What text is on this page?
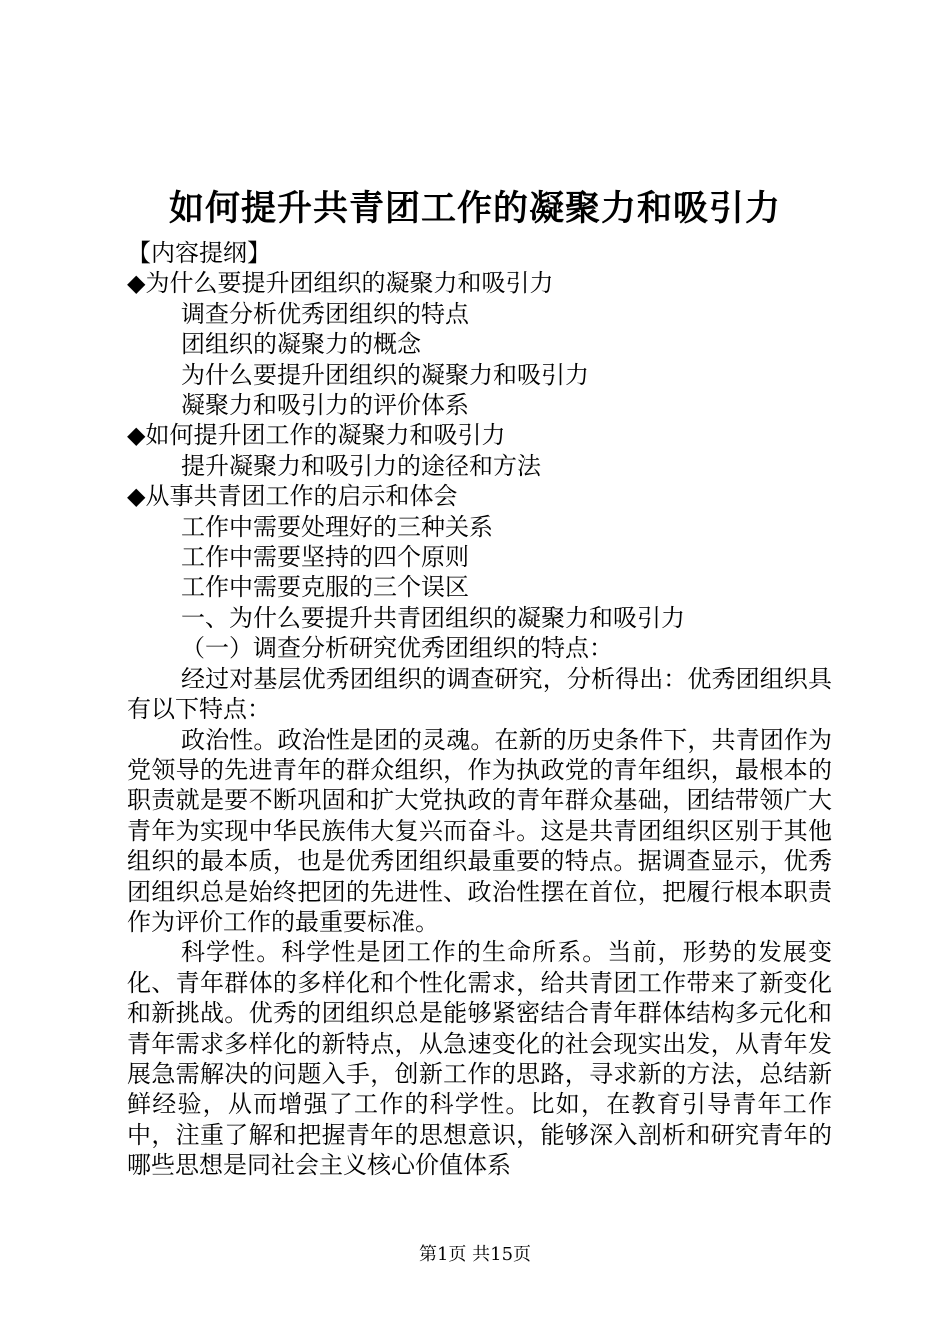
如何提升共青团工作的凝聚力和吸引力
【内容提纲】
◆为什么要提升团组织的凝聚力和吸引力
调查分析优秀团组织的特点
团组织的凝聚力的概念
为什么要提升团组织的凝聚力和吸引力
凝聚力和吸引力的评价体系
◆如何提升团工作的凝聚力和吸引力
提升凝聚力和吸引力的途径和方法
◆从事共青团工作的启示和体会
工作中需要处理好的三种关系
工作中需要坚持的四个原则
工作中需要克服的三个误区
一、为什么要提升共青团组织的凝聚力和吸引力
（一）调查分析研究优秀团组织的特点：

经过对基层优秀团组织的调查研究，分析得出：优秀团组织具有以下特点：

政治性。政治性是团的灵魂。在新的历史条件下，共青团作为党领导的先进青年的群众组织，作为执政党的青年组织，最根本的职责就是要不断巩固和扩大党执政的青年群众基础，团结带领广大青年为实现中华民族伟大复兴而奋斗。这是共青团组织区别于其他组织的最本质，也是优秀团组织最重要的特点。据调查显示，优秀团组织总是始终把团的先进性、政治性摆在首位，把履行根本职责作为评价工作的最重要标准。

科学性。科学性是团工作的生命所系。当前，形势的发展变化、青年群体的多样化和个性化需求，给共青团工作带来了新变化和新挑战。优秀的团组织总是能够紧密结合青年群体结构多元化和青年需求多样化的新特点，从急速变化的社会现实出发，从青年发展急需解决的问题入手，创新工作的思路，寻求新的方法，总结新鲜经验，从而增强了工作的科学性。比如，在教育引导青年工作中，注重了解和把握青年的思想意识，能够深入剖析和研究青年的哪些思想是同社会主义核心价值体系

第1页 共15页
